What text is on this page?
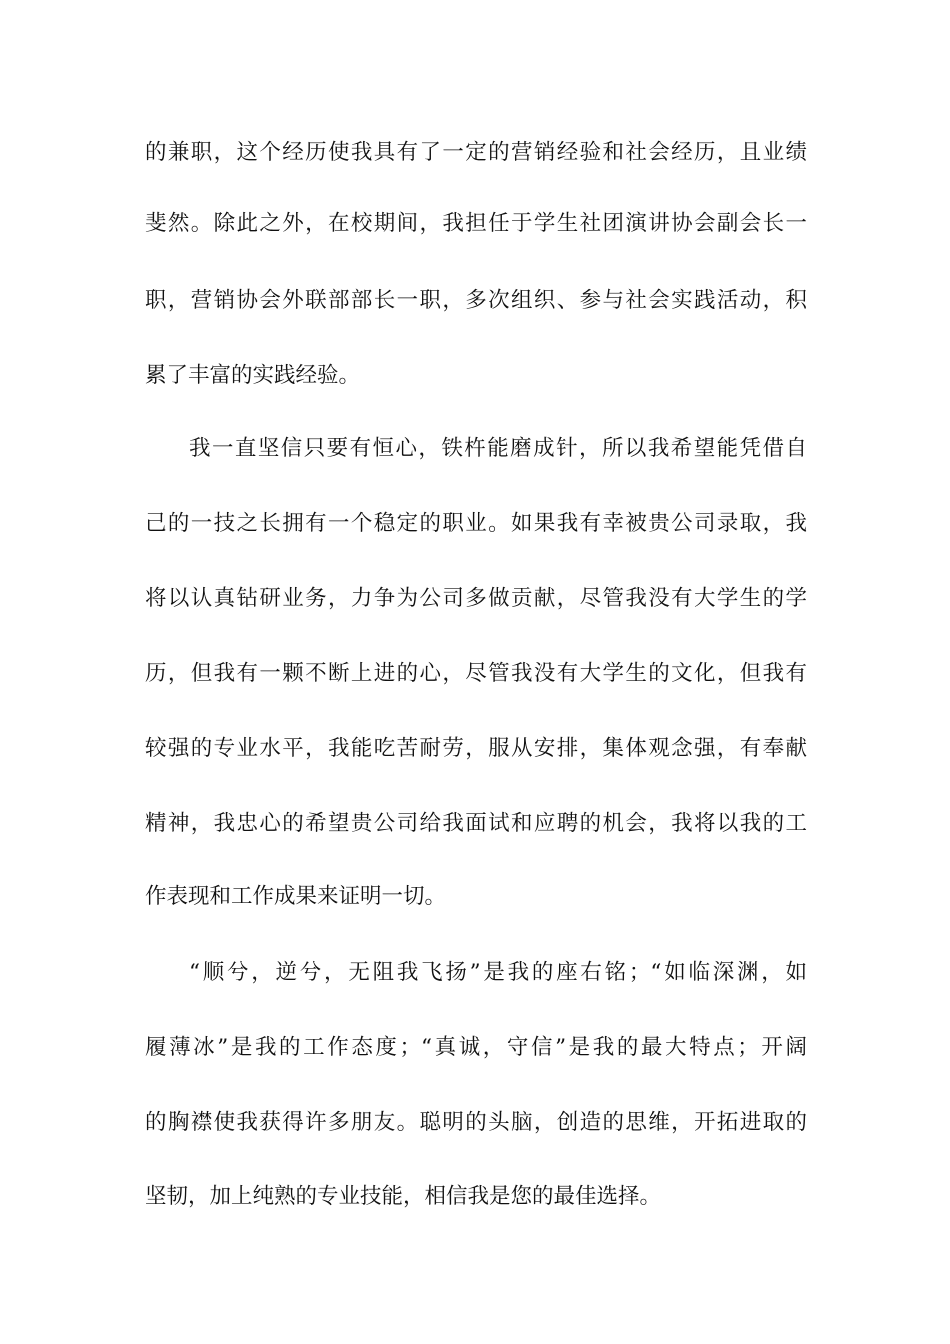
的兼职，这个经历使我具有了一定的营销经验和社会经历，且业绩
斐然。除此之外，在校期间，我担任于学生社团演讲协会副会长一
职，营销协会外联部部长一职，多次组织、参与社会实践活动，积
累了丰富的实践经验。
我一直坚信只要有恒心，铁杵能磨成针，所以我希望能凭借自
己的一技之长拥有一个稳定的职业。如果我有幸被贵公司录取，我
将以认真钻研业务，力争为公司多做贡献，尽管我没有大学生的学
历，但我有一颗不断上进的心，尽管我没有大学生的文化，但我有
较强的专业水平，我能吃苦耐劳，服从安排，集体观念强，有奉献
精神，我忠心的希望贵公司给我面试和应聘的机会，我将以我的工
作表现和工作成果来证明一切。
“顺兮，逆兮，无阻我飞扬”是我的座右铭；“如临深渊，如
履薄冰”是我的工作态度；“真诚，守信”是我的最大特点；开阔
的胸襟使我获得许多朋友。聪明的头脑，创造的思维，开拓进取的
坚韧，加上纯熟的专业技能，相信我是您的最佳选择。
